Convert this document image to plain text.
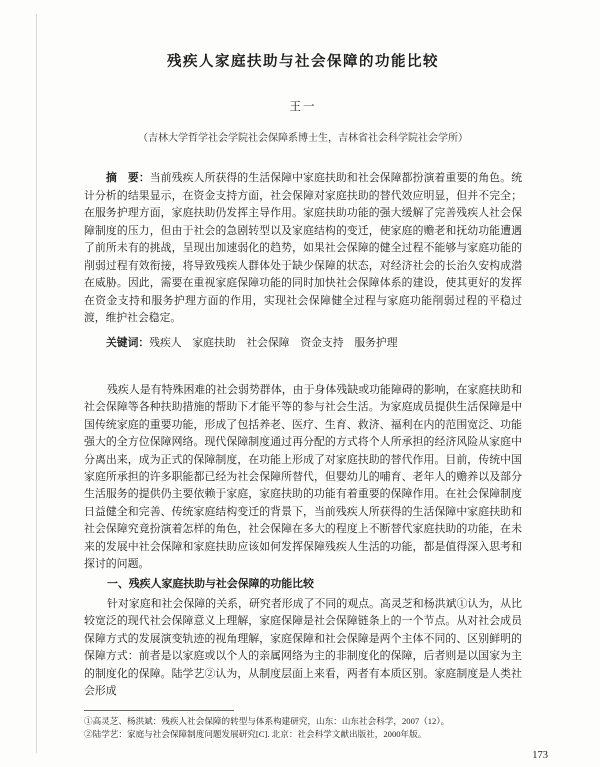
残疾人家庭扶助与社会保障的功能比较
王一
（吉林大学哲学社会学院社会保障系博士生，吉林省社会科学院社会学所）

摘　要：当前残疾人所获得的生活保障中家庭扶助和社会保障都扮演着重要的角色。统计分析的结果显示，在资金支持方面，社会保障对家庭扶助的替代效应明显，但并不完全；在服务护理方面，家庭扶助仍发挥主导作用。家庭扶助功能的强大缓解了完善残疾人社会保障制度的压力，但由于社会的急剧转型以及家庭结构的变迁，使家庭的赡老和抚幼功能遭遇了前所未有的挑战，呈现出加速弱化的趋势，如果社会保障的健全过程不能够与家庭功能的削弱过程有效衔接，将导致残疾人群体处于缺少保障的状态，对经济社会的长治久安构成潜在威胁。因此，需要在重视家庭保障功能的同时加快社会保障体系的建设，使其更好的发挥在资金支持和服务护理方面的作用，实现社会保障健全过程与家庭功能削弱过程的平稳过渡，维护社会稳定。

关键词：残疾人　家庭扶助　社会保障　资金支持　服务护理

残疾人是有特殊困难的社会弱势群体，由于身体残缺或功能障碍的影响，在家庭扶助和社会保障等各种扶助措施的帮助下才能平等的参与社会生活。为家庭成员提供生活保障是中国传统家庭的重要功能，形成了包括养老、医疗、生育、救济、福利在内的范围宽泛、功能强大的全方位保障网络。现代保障制度通过再分配的方式将个人所承担的经济风险从家庭中分离出来，成为正式的保障制度，在功能上形成了对家庭扶助的替代作用。目前，传统中国家庭所承担的许多职能都已经为社会保障所替代，但婴幼儿的哺育、老年人的赡养以及部分生活服务的提供仍主要依赖于家庭，家庭扶助的功能有着重要的保障作用。在社会保障制度日益健全和完善、传统家庭结构变迁的背景下，当前残疾人所获得的生活保障中家庭扶助和社会保障究竟扮演着怎样的角色，社会保障在多大的程度上不断替代家庭扶助的功能，在未来的发展中社会保障和家庭扶助应该如何发挥保障残疾人生活的功能，都是值得深入思考和探讨的问题。

一、残疾人家庭扶助与社会保障的功能比较

针对家庭和社会保障的关系，研究者形成了不同的观点。高灵芝和杨洪斌①认为，从比较宽泛的现代社会保障意义上理解，家庭保障是社会保障链条上的一个节点。从对社会成员保障方式的发展演变轨迹的视角理解，家庭保障和社会保障是两个主体不同的、区别鲜明的保障方式：前者是以家庭或以个人的亲属网络为主的非制度化的保障，后者则是以国家为主的制度化的保障。陆学艺②认为，从制度层面上来看，两者有本质区别。家庭制度是人类社会形成

①高灵芝、杨洪斌：残疾人社会保障的转型与体系构建研究，山东：山东社会科学，2007（12）。
②陆学艺：家庭与社会保障制度问题发展研究[C]. 北京：社会科学文献出版社，2000年版。
173
